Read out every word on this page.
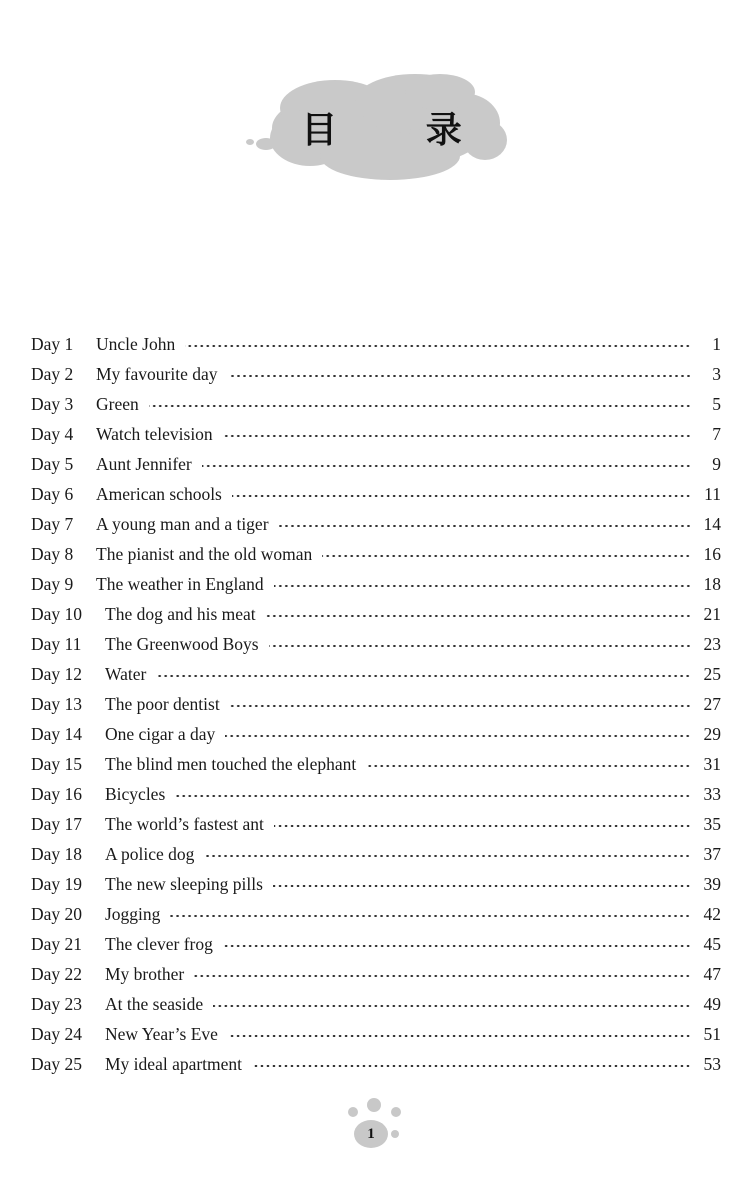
目 录
Day 1	Uncle John	1
Day 2	My favourite day	3
Day 3	Green	5
Day 4	Watch television	7
Day 5	Aunt Jennifer	9
Day 6	American schools	11
Day 7	A young man and a tiger	14
Day 8	The pianist and the old woman	16
Day 9	The weather in England	18
Day 10	The dog and his meat	21
Day 11	The Greenwood Boys	23
Day 12	Water	25
Day 13	The poor dentist	27
Day 14	One cigar a day	29
Day 15	The blind men touched the elephant	31
Day 16	Bicycles	33
Day 17	The world’s fastest ant	35
Day 18	A police dog	37
Day 19	The new sleeping pills	39
Day 20	Jogging	42
Day 21	The clever frog	45
Day 22	My brother	47
Day 23	At the seaside	49
Day 24	New Year’s Eve	51
Day 25	My ideal apartment	53
1
